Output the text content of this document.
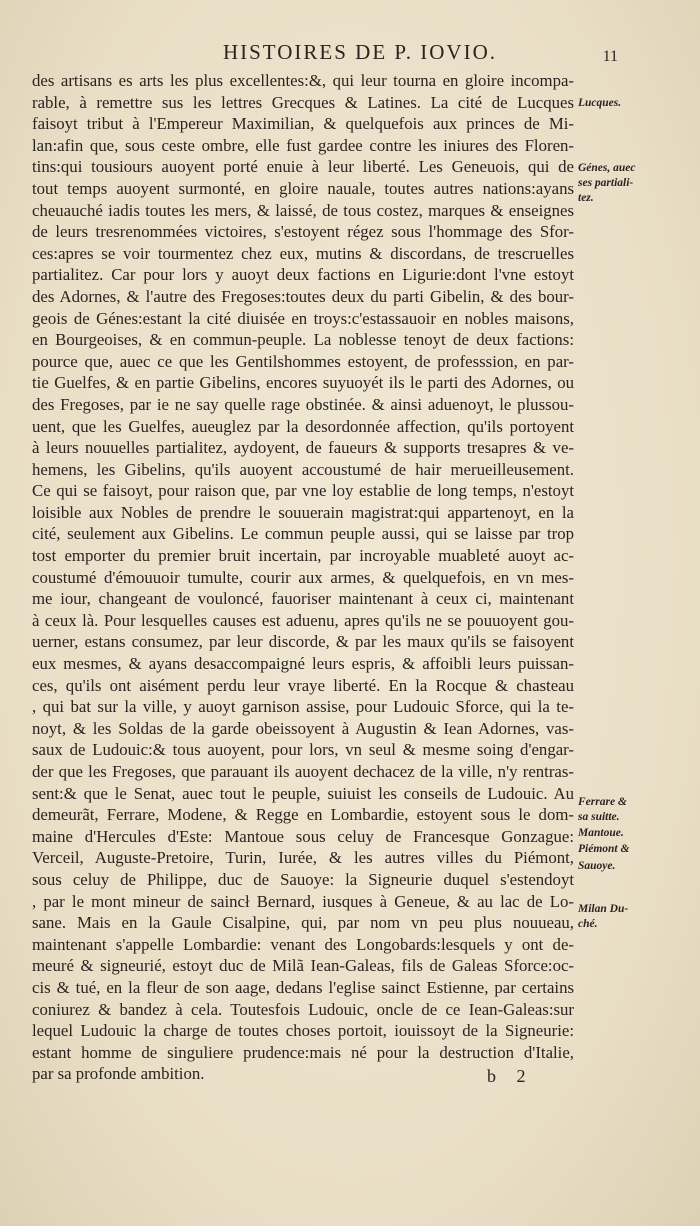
HISTOIRES DE P. IOVIO.	11
des artisans es arts les plus excellentes:&, qui leur tourna en gloire incompa-
rable, à remettre sus les lettres Grecques & Latines. La cité de Lucques
faisoyt tribut à l'Empereur Maximilian, & quelquefois aux princes de Mi-
lan:afin que, sous ceste ombre, elle fust gardee contre les iniures des Floren-
tins:qui tousiours auoyent porté enuie à leur liberté. Les Geneuois, qui de
tout temps auoyent surmonté, en gloire nauale, toutes autres nations:ayans
cheuauché iadis toutes les mers, & laissé, de tous costez, marques & enseignes
de leurs tresrenommées victoires, s'estoyent régez sous l'hommage des Sfor-
ces:apres se voir tourmentez chez eux, mutins & discordans, de trescruelles
partialitez. Car pour lors y auoyt deux factions en Ligurie:dont l'vne estoyt
des Adornes, & l'autre des Fregoses:toutes deux du parti Gibelin, & des bour-
geois de Génes:estant la cité diuisée en troys:c'estassauoir en nobles maisons,
en Bourgeoises, & en commun-peuple. La noblesse tenoyt de deux factions:
pource que, auec ce que les Gentilshommes estoyent, de professsion, en par-
tie Guelfes, & en partie Gibelins, encores suyuoyét ils le parti des Adornes, ou
des Fregoses, par ie ne say quelle rage obstinée. & ainsi aduenoyt, le plussou-
uent, que les Guelfes, aueuglez par la desordonnée affection, qu'ils portoyent
à leurs nouuelles partialitez, aydoyent, de faueurs & supports tresapres & ve-
hemens, les Gibelins, qu'ils auoyent accoustumé de hair merueilleusement.
Ce qui se faisoyt, pour raison que, par vne loy establie de long temps, n'estoyt
loisible aux Nobles de prendre le souuerain magistrat:qui appartenoyt, en la
cité, seulement aux Gibelins. Le commun peuple aussi, qui se laisse par trop
tost emporter du premier bruit incertain, par incroyable muableté auoyt ac-
coustumé d'émouuoir tumulte, courir aux armes, & quelquefois, en vn mes-
me iour, changeant de vouloncé, fauoriser maintenant à ceux ci, maintenant
à ceux là. Pour lesquelles causes est aduenu, apres qu'ils ne se pouuoyent gou-
uerner, estans consumez, par leur discorde, & par les maux qu'ils se faisoyent
eux mesmes, & ayans desaccompaigné leurs espris, & affoibli leurs puissan-
ces, qu'ils ont aisément perdu leur vraye liberté. En la Rocque & chasteau
, qui bat sur la ville, y auoyt garnison assise, pour Ludouic Sforce, qui la te-
noyt, & les Soldas de la garde obeissoyent à Augustin & Iean Adornes, vas-
saux de Ludouic:& tous auoyent, pour lors, vn seul & mesme soing d'engar-
der que les Fregoses, que parauant ils auoyent dechacez de la ville, n'y rentras-
sent:& que le Senat, auec tout le peuple, suiuist les conseils de Ludouic. Au
demeurãt, Ferrare, Modene, & Regge en Lombardie, estoyent sous le dom-
maine d'Hercules d'Este: Mantoue sous celuy de Francesque Gonzague:
Verceil, Auguste-Pretoire, Turin, Iurée, & les autres villes du Piémont,
sous celuy de Philippe, duc de Sauoye: la Signeurie duquel s'estendoyt
, par le mont mineur de saincł Bernard, iusques à Geneue, & au lac de Lo-
sane. Mais en la Gaule Cisalpine, qui, par nom vn peu plus nouueau,
maintenant s'appelle Lombardie: venant des Longobards:lesquels y ont de-
meuré & signeurié, estoyt duc de Milã Iean-Galeas, fils de Galeas Sforce:oc-
cis & tué, en la fleur de son aage, dedans l'eglise sainct Estienne, par certains
coniurez & bandez à cela. Toutesfois Ludouic, oncle de ce Iean-Galeas:sur
lequel Ludouic la charge de toutes choses portoit, iouissoyt de la Signeurie:
estant homme de singuliere prudence:mais né pour la destruction d'Italie,
par sa profonde ambition.
Lucques.
Génes, auec
ses partiali-
tez.
Ferrare &
sa suitte.
Mantoue.
Piémont &
Sauoye.
Milan Du-
ché.
b 2
